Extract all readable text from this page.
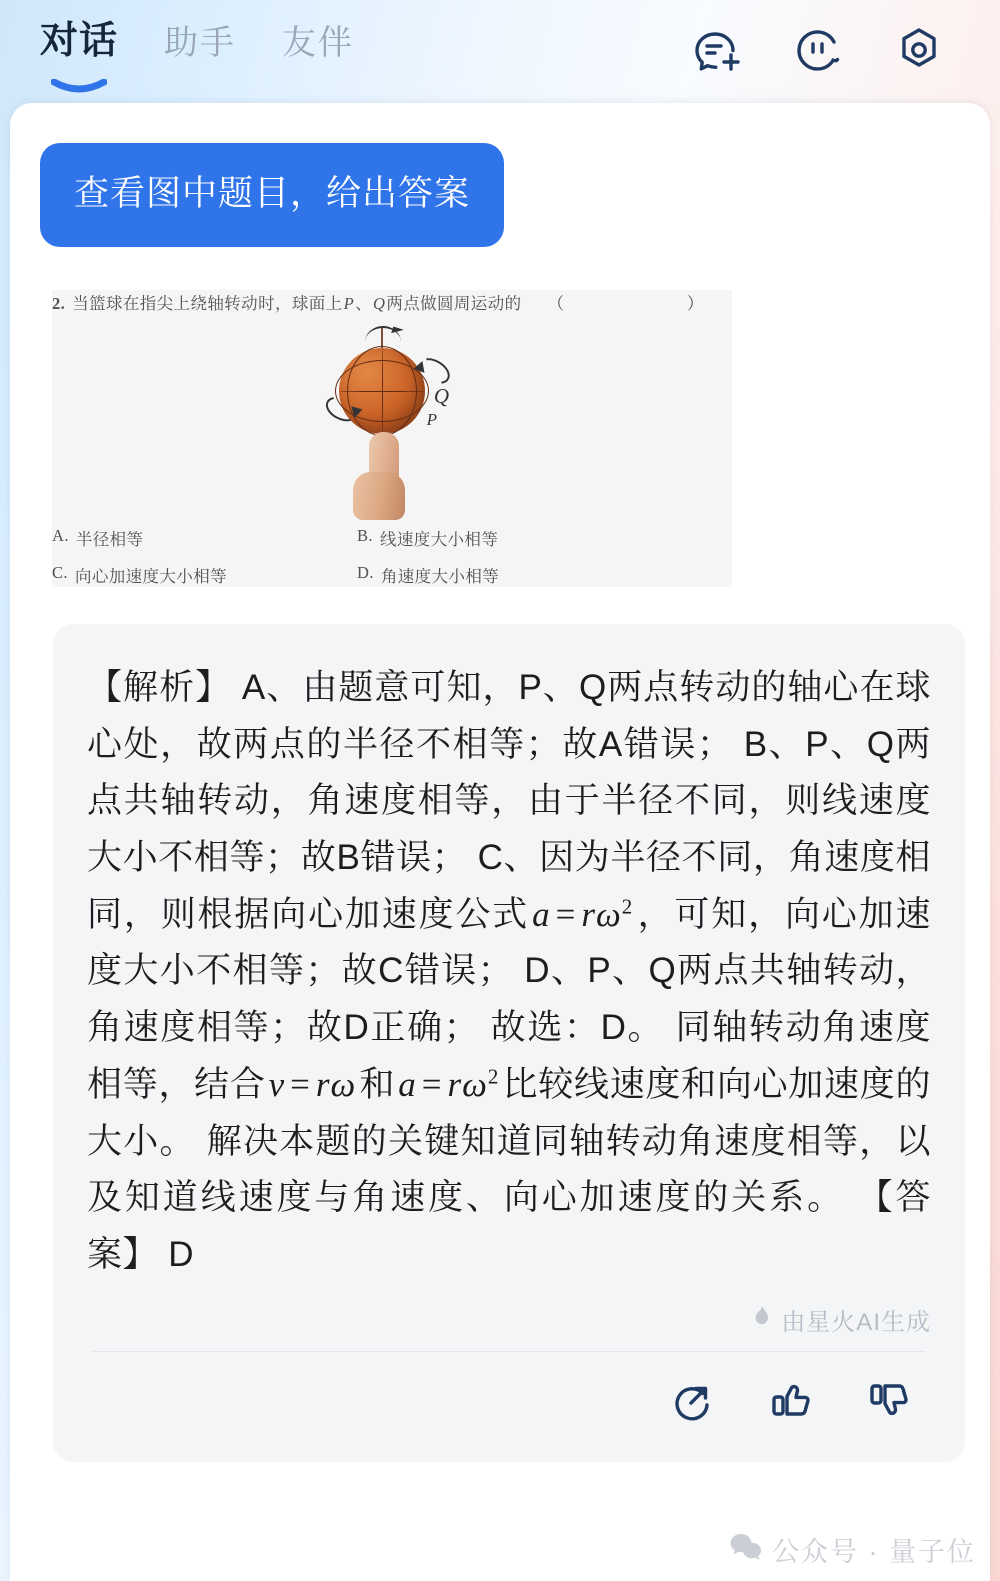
对话 助手 友伴
查看图中题目，给出答案
2. 当篮球在指尖上绕轴转动时，球面上 P 、 Q 两点做圆周运动的 （　　）
Q
P
A. 半径相等	B. 线速度大小相等
C. 向心加速度大小相等	D. 角速度大小相等
【解析】 A、由题意可知，P、Q两点转动的轴心在球心处，故两点的半径不相等；故A错误； B、P、Q两点共轴转动，角速度相等，由于半径不同，则线速度大小不相等；故B错误； C、因为半径不同，角速度相同，则根据向心加速度公式$a = r\omega^2$，可知，向心加速度大小不相等；故C错误； D、P、Q两点共轴转动，角速度相等；故D正确； 故选：D。 同轴转动角速度相等，结合v = rω和$a = r\omega^2$比较线速度和向心加速度的大小。 解决本题的关键知道同轴转动角速度相等，以及知道线速度与角速度、向心加速度的关系。 【答案】 D
由星火AI生成
公众号 · 量子位
